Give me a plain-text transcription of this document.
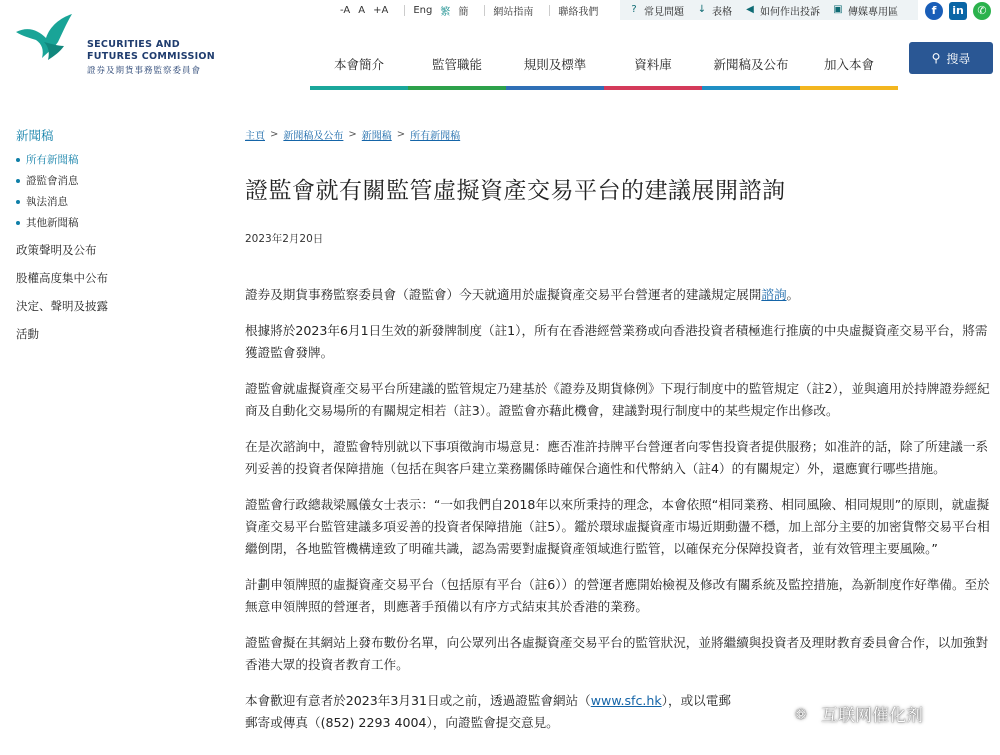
SECURITIES AND
FUTURES COMMISSION
證券及期貨事務監察委員會
-A A +A	Eng 繁 簡	網站指南	聯絡我們	? 常見問題 ↓ 表格 ◀ 如何作出投訴 ▣ 傳媒專用區	f	in	✆
本會簡介	監管職能	規則及標準	資料庫	新聞稿及公布	加入本會	⚲ 搜尋
新聞稿
所有新聞稿
證監會消息
執法消息
其他新聞稿
政策聲明及公布
股權高度集中公布
決定、聲明及披露
活動
主頁 > 新聞稿及公布 > 新聞稿 > 所有新聞稿
證監會就有關監管虛擬資產交易平台的建議展開諮詢
2023年2月20日

證券及期貨事務監察委員會（證監會）今天就適用於虛擬資產交易平台營運者的建議規定展開諮詢。

根據將於2023年6月1日生效的新發牌制度（註1），所有在香港經營業務或向香港投資者積極進行推廣的中央虛擬資產交易平台，將需獲證監會發牌。

證監會就虛擬資產交易平台所建議的監管規定乃建基於《證券及期貨條例》下現行制度中的監管規定（註2），並與適用於持牌證券經紀商及自動化交易場所的有關規定相若（註3）。證監會亦藉此機會，建議對現行制度中的某些規定作出修改。

在是次諮詢中，證監會特別就以下事項徵詢市場意見：應否准許持牌平台營運者向零售投資者提供服務；如准許的話，除了所建議一系列妥善的投資者保障措施（包括在與客戶建立業務關係時確保合適性和代幣納入（註4）的有關規定）外，還應實行哪些措施。

證監會行政總裁梁鳳儀女士表示：“一如我們自2018年以來所秉持的理念，本會依照“相同業務、相同風險、相同規則”的原則，就虛擬資產交易平台監管建議多項妥善的投資者保障措施（註5）。鑑於環球虛擬資產市場近期動盪不穩，加上部分主要的加密貨幣交易平台相繼倒閉，各地監管機構達致了明確共識，認為需要對虛擬資產領域進行監管，以確保充分保障投資者，並有效管理主要風險。”

計劃申領牌照的虛擬資產交易平台（包括原有平台（註6））的營運者應開始檢視及修改有關系統及監控措施，為新制度作好準備。至於無意申領牌照的營運者，則應著手預備以有序方式結束其於香港的業務。

證監會擬在其網站上發布數份名單，向公眾列出各虛擬資產交易平台的監管狀況，並將繼續與投資者及理財教育委員會合作，以加強對香港大眾的投資者教育工作。

本會歡迎有意者於2023年3月31日或之前，透過證監會網站（www.sfc.hk），或以電郵
郵寄或傳真（(852) 2293 4004），向證監會提交意見。	❁ 互联网催化剂
